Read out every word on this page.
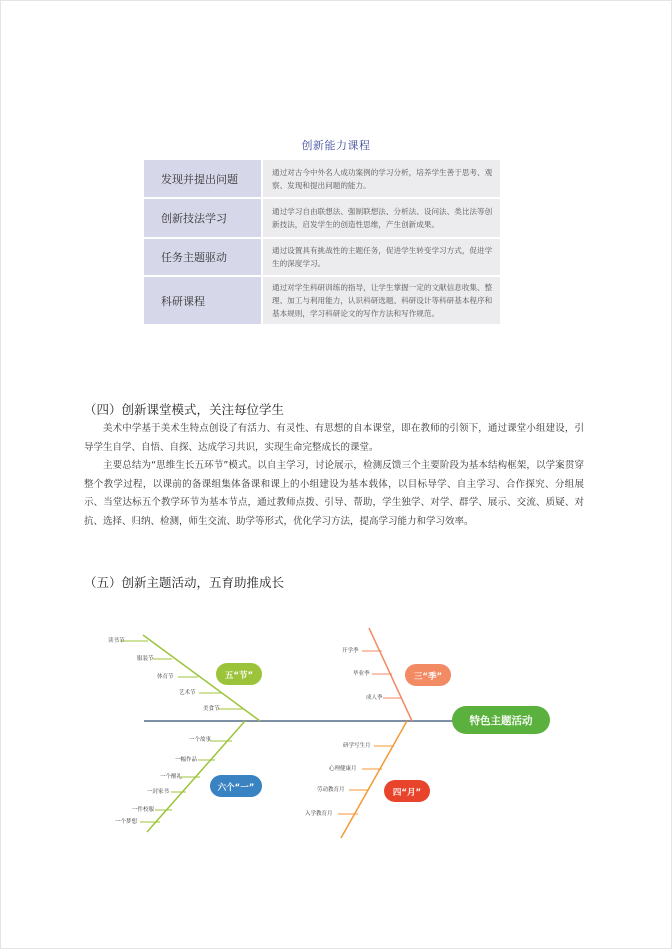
创新能力课程
发现并提出问题	通过对古今中外名人成功案例的学习分析，培养学生善于思考、观察、发现和提出问题的能力。
创新技法学习	通过学习自由联想法、强制联想法、分析法、设问法、类比法等创新技法，启发学生的创造性思维，产生创新成果。
任务主题驱动	通过设置具有挑战性的主题任务，促进学生转变学习方式，促进学生的深度学习。
科研课程	通过对学生科研训练的指导，让学生掌握一定的文献信息收集、整理、加工与利用能力，认识科研选题、科研设计等科研基本程序和基本规则，学习科研论文的写作方法和写作规范。
（四）创新课堂模式，关注每位学生

美术中学基于美术生特点创设了有活力、有灵性、有思想的自本课堂，即在教师的引领下，通过课堂小组建设，引导学生自学、自悟、自探、达成学习共识，实现生命完整成长的课堂。

主要总结为“思维生长五环节”模式。以自主学习，讨论展示，检测反馈三个主要阶段为基本结构框架，以学案贯穿整个教学过程，以课前的备课组集体备课和课上的小组建设为基本载体，以目标导学、自主学习、合作探究、分组展示、当堂达标五个教学环节为基本节点，通过教师点拨、引导、帮助，学生独学、对学、群学、展示、交流、质疑、对抗、选择、归纳、检测，师生交流、助学等形式，优化学习方法，提高学习能力和学习效率。

（五）创新主题活动，五育助推成长
读书节
服装节
体育节
艺术节
美食节
五“节”
开学季
毕业季
成人季
三“季”
一个故事
一幅作品
一个醒礼
一封家书
一件校服
一个梦想
六个“一”
研学写生月
心理健康月
劳动教育月
入学教育月
四“月”
特色主题活动
